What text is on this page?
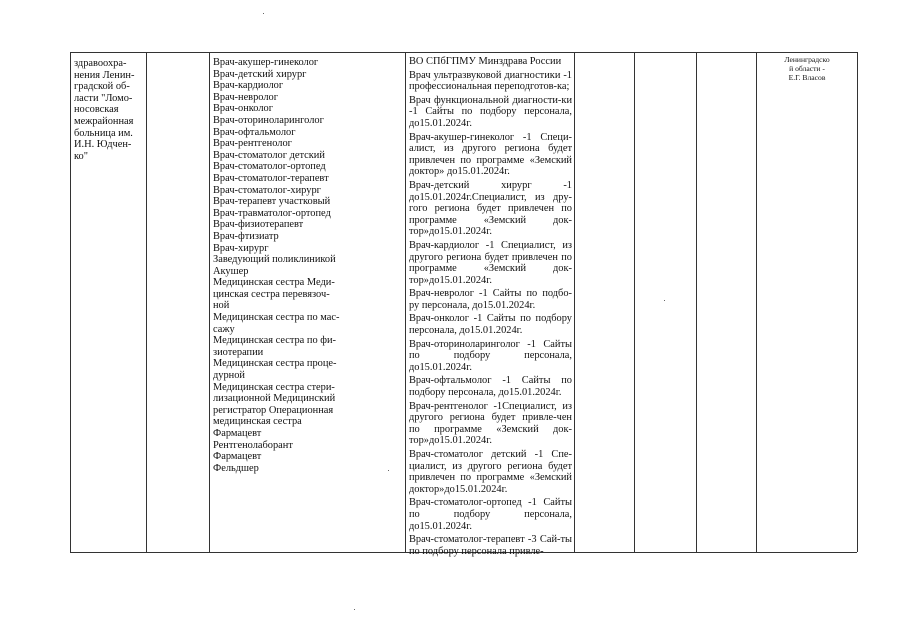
здравоохра-
нения Ленин-
градской об-
ласти "Ломо-
носовская
межрайонная
больница им.
И.Н. Юдчен-
ко"
Врач-акушер-гинеколог
Врач-детский хирург
Врач-кардиолог
Врач-невролог
Врач-онколог
Врач-оториноларинголог
Врач-офтальмолог
Врач-рентгенолог
Врач-стоматолог детский
Врач-стоматолог-ортопед
Врач-стоматолог-терапевт
Врач-стоматолог-хирург
Врач-терапевт участковый
Врач-травматолог-ортопед
Врач-физиотерапевт
Врач-фтизиатр
Врач-хирург
Заведующий поликлиникой
Акушер
Медицинская сестра Меди-
цинская сестра перевязоч-
ной
Медицинская сестра по мас-
сажу
Медицинская сестра по фи-
зиотерапии
Медицинская сестра проце-
дурной
Медицинская сестра стери-
лизационной Медицинский
регистратор Операционная
медицинская сестра
Фармацевт
Рентгенолаборант
Фармацевт
Фельдшер

ВО СПбГПМУ Минздрава России

Врач ультразвуковой диагностики -1 профессиональная переподготов-ка;

Врач функциональной диагности-ки -1 Сайты по подбору персонала, до15.01.2024г.

Врач-акушер-гинеколог -1 Специ-алист, из другого региона будет привлечен по программе «Земский доктор» до15.01.2024г.

Врач-детский хирург -1 до15.01.2024г.Специалист, из дру-гого региона будет привлечен по программе «Земский док-тор»до15.01.2024г.

Врач-кардиолог -1 Специалист, из другого региона будет привлечен по программе «Земский док-тор»до15.01.2024г.

Врач-невролог -1 Сайты по подбо-ру персонала, до15.01.2024г.

Врач-онколог -1 Сайты по подбору персонала, до15.01.2024г.

Врач-оториноларинголог -1 Сайты по подбору персонала, до15.01.2024г.

Врач-офтальмолог -1 Сайты по подбору персонала, до15.01.2024г.

Врач-рентгенолог -1Специалист, из другого региона будет привле-чен по программе «Земский док-тор»до15.01.2024г.

Врач-стоматолог детский -1 Спе-циалист, из другого региона будет привлечен по программе «Земский доктор»до15.01.2024г.

Врач-стоматолог-ортопед -1 Сайты по подбору персонала, до15.01.2024г.

Врач-стоматолог-терапевт -3 Сай-ты по подбору персонала привле-

Ленинградско
й области -
Е.Г. Власов
